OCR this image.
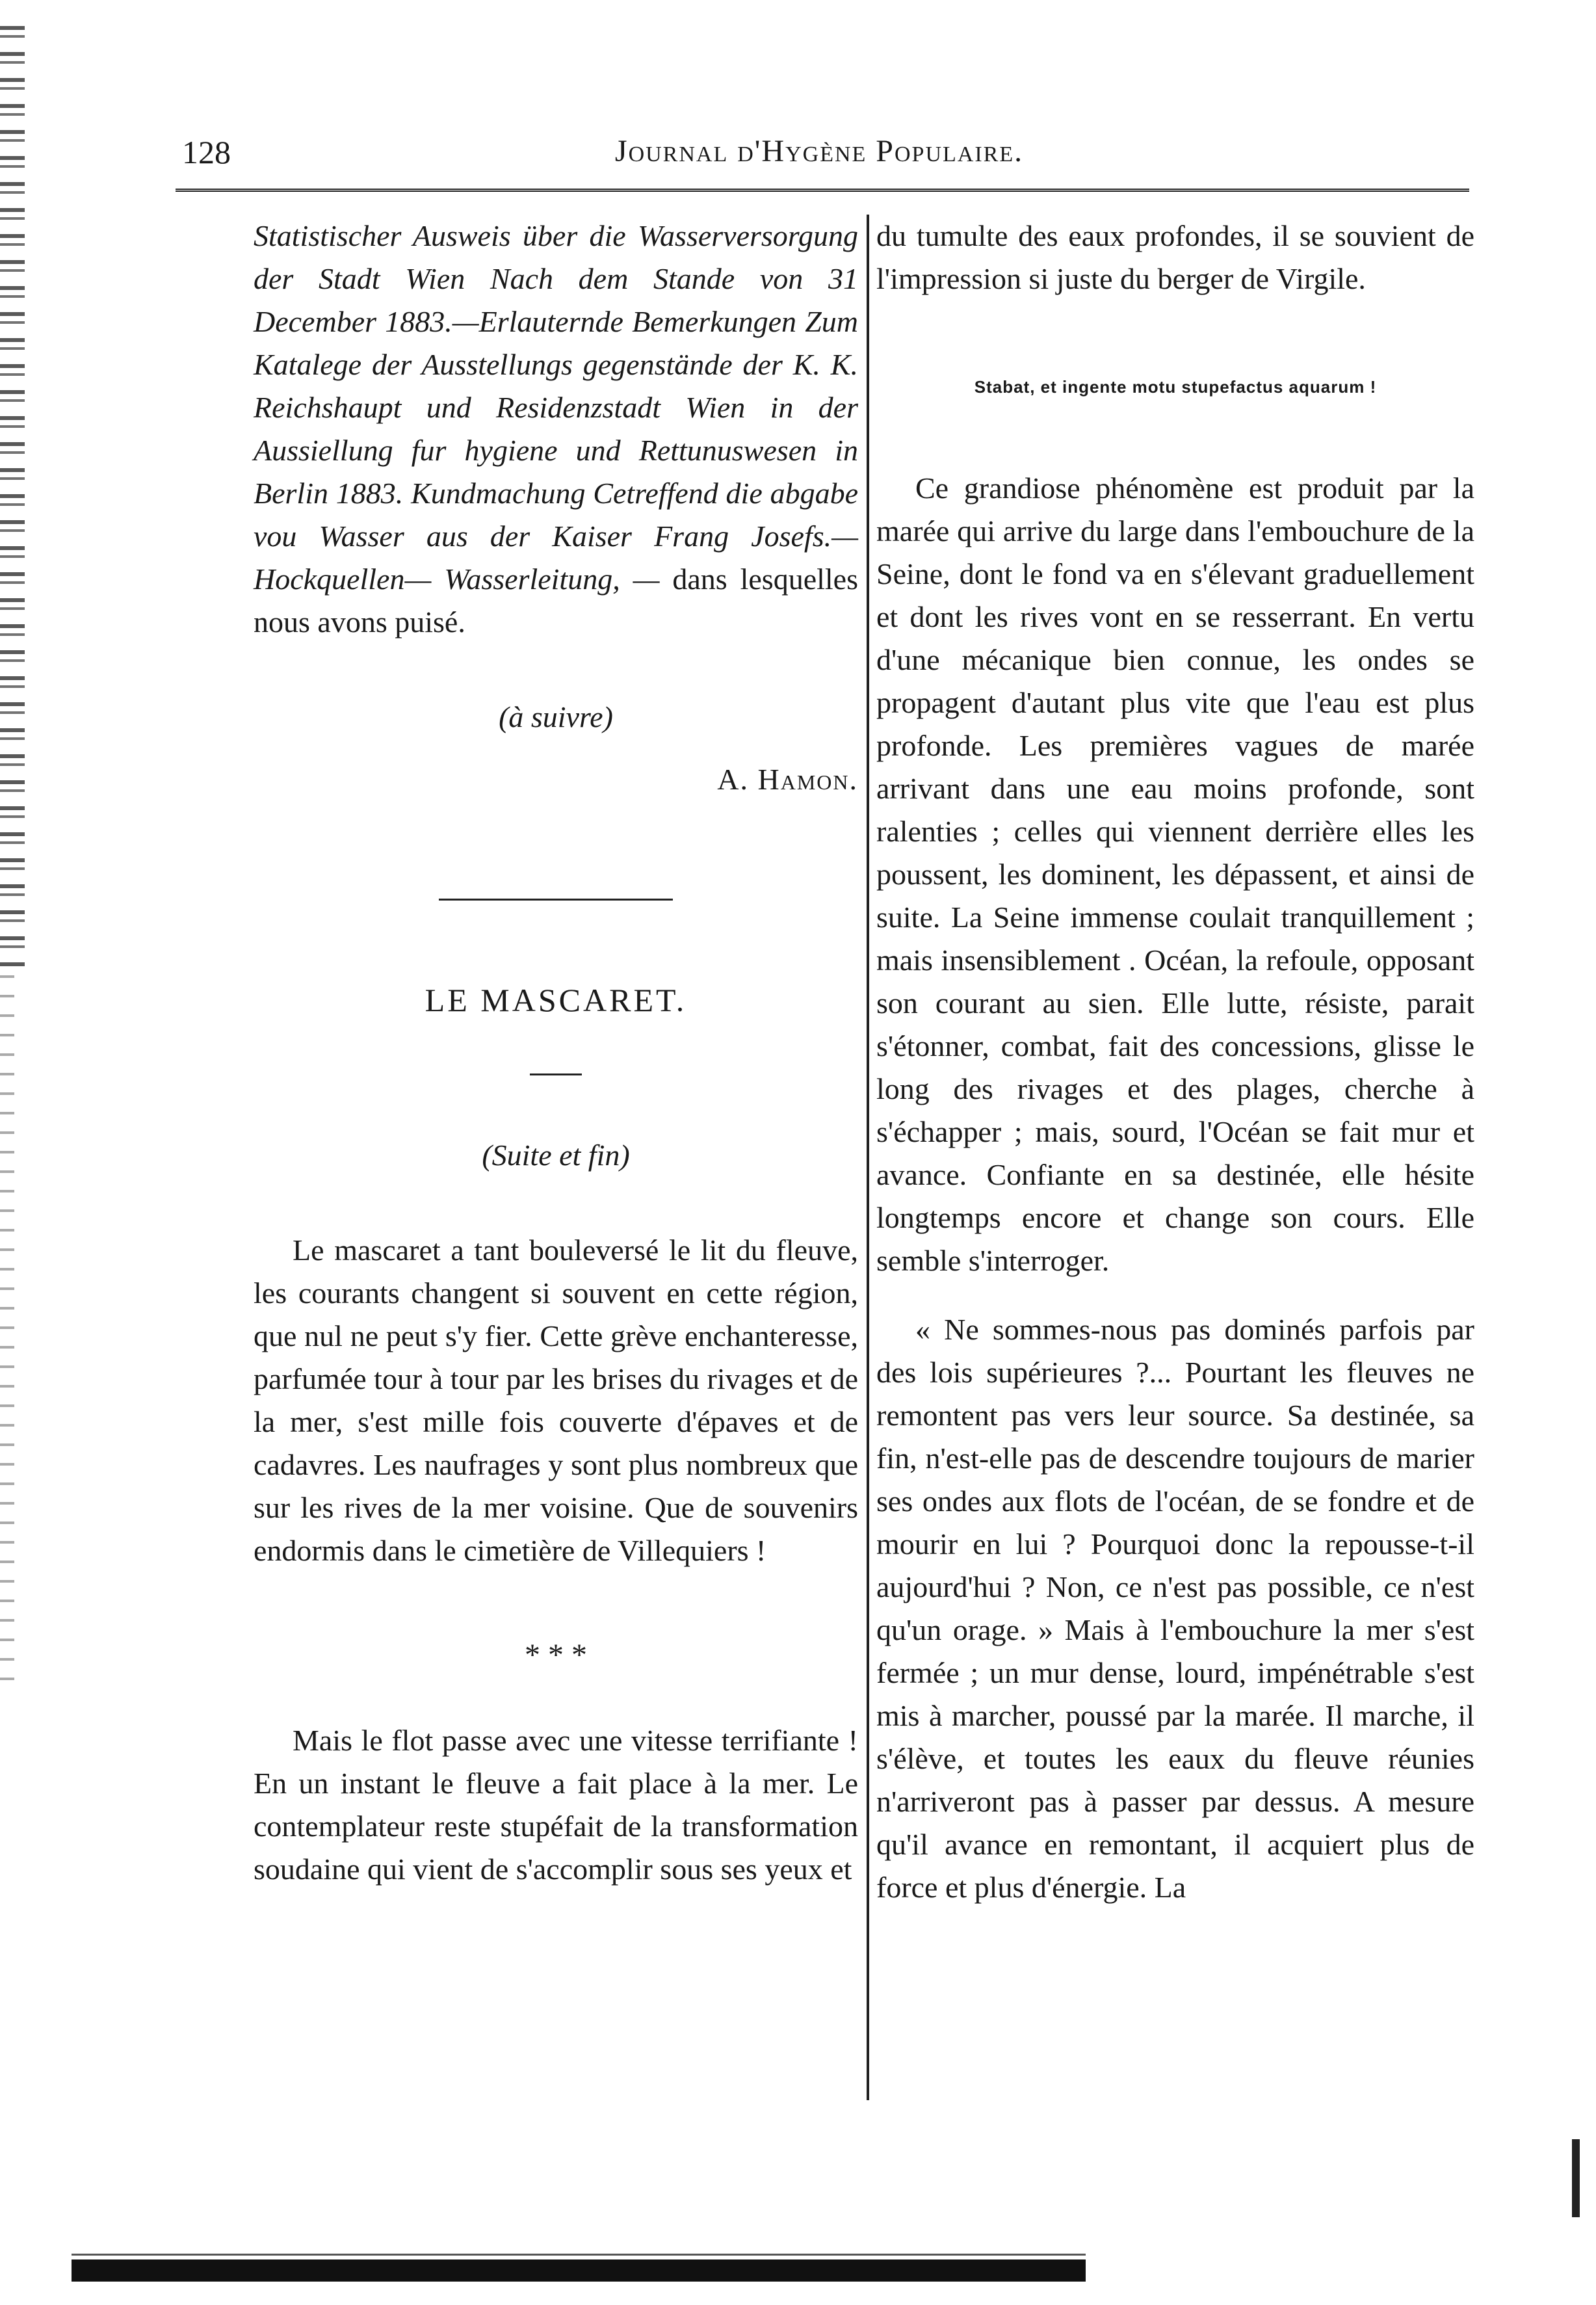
128	Journal d'Hygène Populaire.

Statistischer Ausweis über die Wasserversorgung der Stadt Wien Nach dem Stande von 31 December 1883.—Erlauternde Bemerkungen Zum Katalege der Ausstellungs gegenstände der K. K. Reichshaupt und Residenzstadt Wien in der Aussiellung fur hygiene und Rettunuswesen in Berlin 1883. Kundmachung Cetreffend die abgabe vou Wasser aus der Kaiser Frang Josefs.— Hockquellen— Wasserleitung, — dans lesquelles nous avons puisé.

(à suivre)
A. Hamon.
LE MASCARET.
(Suite et fin)

Le mascaret a tant bouleversé le lit du fleuve, les courants changent si souvent en cette région, que nul ne peut s'y fier. Cette grève enchanteresse, parfumée tour à tour par les brises du rivages et de la mer, s'est mille fois couverte d'épaves et de cadavres. Les naufrages y sont plus nombreux que sur les rives de la mer voisine. Que de souvenirs endormis dans le cimetière de Villequiers !

* * *

Mais le flot passe avec une vitesse terrifiante ! En un instant le fleuve a fait place à la mer. Le contemplateur reste stupéfait de la transformation soudaine qui vient de s'accomplir sous ses yeux et

du tumulte des eaux profondes, il se souvient de l'impression si juste du berger de Virgile.

Stabat, et ingente motu stupefactus aquarum !

Ce grandiose phénomène est produit par la marée qui arrive du large dans l'embouchure de la Seine, dont le fond va en s'élevant graduellement et dont les rives vont en se resserrant. En vertu d'une mécanique bien connue, les ondes se propagent d'autant plus vite que l'eau est plus profonde. Les premières vagues de marée arrivant dans une eau moins profonde, sont ralenties ; celles qui viennent derrière elles les poussent, les dominent, les dépassent, et ainsi de suite. La Seine immense coulait tranquillement ; mais insensiblement . Océan, la refoule, opposant son courant au sien. Elle lutte, résiste, parait s'étonner, combat, fait des concessions, glisse le long des rivages et des plages, cherche à s'échapper ; mais, sourd, l'Océan se fait mur et avance. Confiante en sa destinée, elle hésite longtemps encore et change son cours. Elle semble s'interroger.

« Ne sommes-nous pas dominés parfois par des lois supérieures ?... Pourtant les fleuves ne remontent pas vers leur source. Sa destinée, sa fin, n'est-elle pas de descendre toujours de marier ses ondes aux flots de l'océan, de se fondre et de mourir en lui ? Pourquoi donc la repousse-t-il aujourd'hui ? Non, ce n'est pas possible, ce n'est qu'un orage. » Mais à l'embouchure la mer s'est fermée ; un mur dense, lourd, impénétrable s'est mis à marcher, poussé par la marée. Il marche, il s'élève, et toutes les eaux du fleuve réunies n'arriveront pas à passer par dessus. A mesure qu'il avance en remontant, il acquiert plus de force et plus d'énergie. La
